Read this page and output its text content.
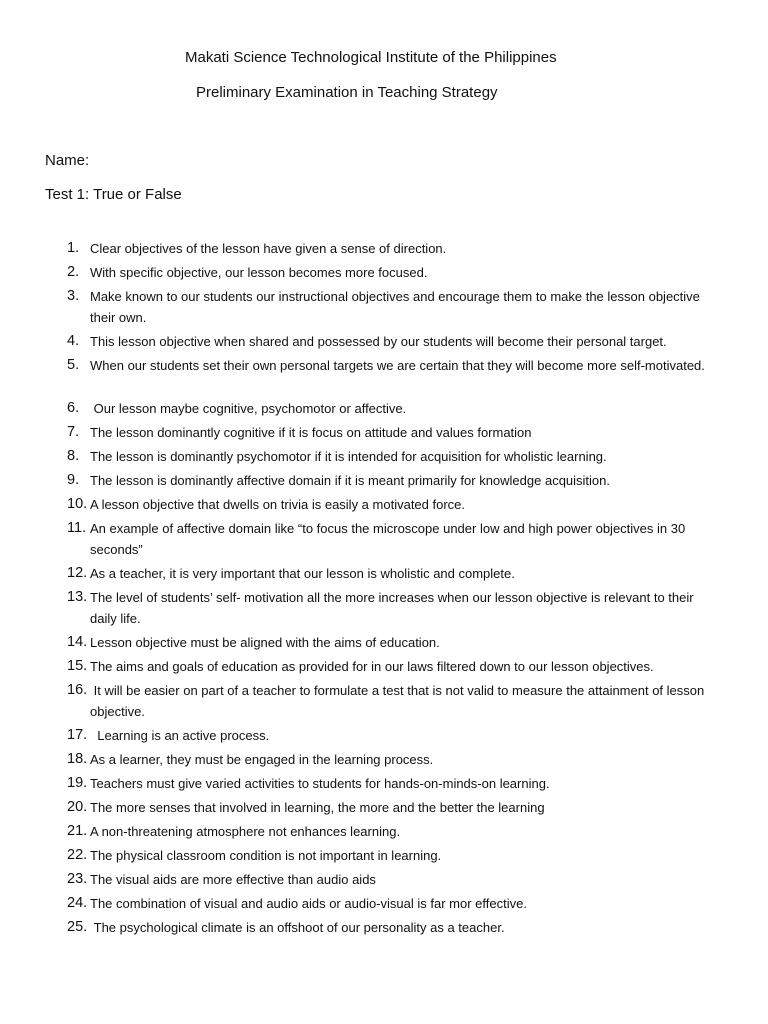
Makati Science Technological Institute of the Philippines
Preliminary Examination in Teaching Strategy
Name:
Test 1: True or False
1. Clear objectives of the lesson have given a sense of direction.
2. With specific objective, our lesson becomes more focused.
3. Make known to our students our instructional objectives and encourage them to make the lesson objective their own.
4. This lesson objective when shared and possessed by our students will become their personal target.
5. When our students set their own personal targets we are certain that they will become more self-motivated.
6. Our lesson maybe cognitive, psychomotor or affective.
7. The lesson dominantly cognitive if it is focus on attitude and values formation
8. The lesson is dominantly psychomotor if it is intended for acquisition for wholistic learning.
9. The lesson is dominantly affective domain if it is meant primarily for knowledge acquisition.
10. A lesson objective that dwells on trivia is easily a motivated force.
11. An example of affective domain like “to focus the microscope under low and high power objectives in 30 seconds”
12. As a teacher, it is very important that our lesson is wholistic and complete.
13. The level of students’ self- motivation all the more increases when our lesson objective is relevant to their daily life.
14. Lesson objective must be aligned with the aims of education.
15. The aims and goals of education as provided for in our laws filtered down to our lesson objectives.
16. It will be easier on part of a teacher to formulate a test that is not valid to measure the attainment of lesson objective.
17. Learning is an active process.
18. As a learner, they must be engaged in the learning process.
19. Teachers must give varied activities to students for hands-on-minds-on learning.
20. The more senses that involved in learning, the more and the better the learning
21. A non-threatening atmosphere not enhances learning.
22. The physical classroom condition is not important in learning.
23. The visual aids are more effective than audio aids
24. The combination of visual and audio aids or audio-visual is far mor effective.
25. The psychological climate is an offshoot of our personality as a teacher.
